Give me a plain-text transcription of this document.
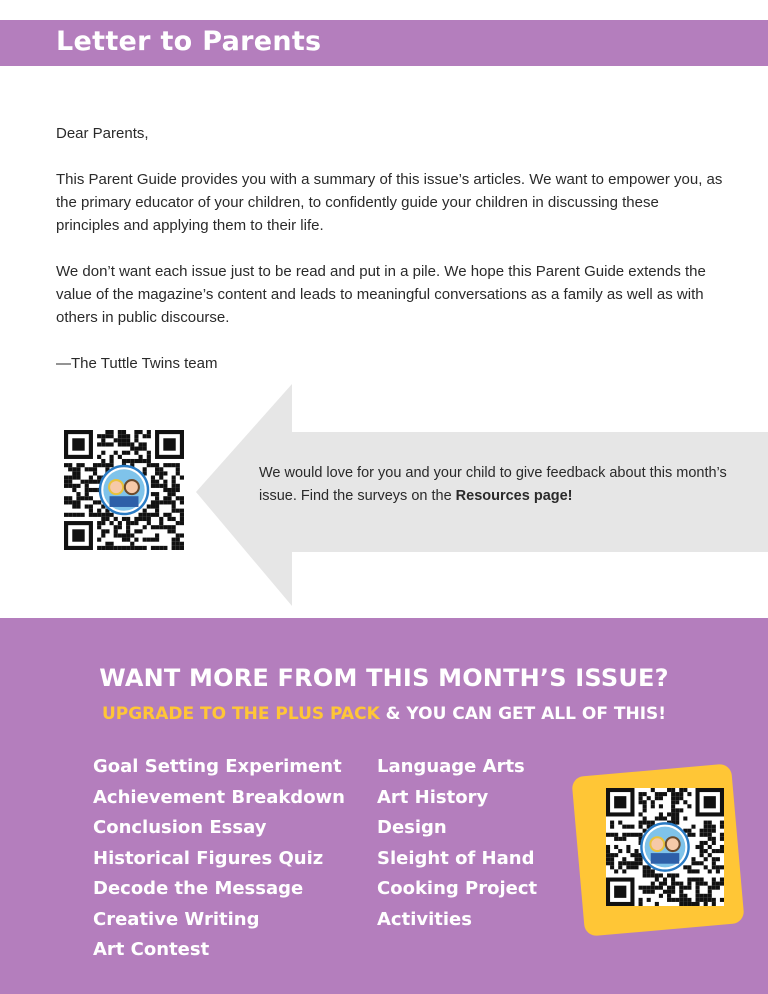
Letter to Parents

Dear Parents,

This Parent Guide provides you with a summary of this issue’s articles. We want to empower you, as the primary educator of your children, to confidently guide your children in discussing these principles and applying them to their life.

We don’t want each issue just to be read and put in a pile. We hope this Parent Guide extends the value of the magazine’s content and leads to meaningful conversations as a family as well as with others in public discourse.

—The Tuttle Twins team

We would love for you and your child to give feedback about this month’s issue. Find the surveys on the Resources page!
WANT MORE FROM THIS MONTH’S ISSUE?
UPGRADE TO THE PLUS PACK & YOU CAN GET ALL OF THIS!
Goal Setting Experiment
Achievement Breakdown
Conclusion Essay
Historical Figures Quiz
Decode the Message
Creative Writing
Art Contest
Language Arts
Art History
Design
Sleight of Hand
Cooking Project
Activities
